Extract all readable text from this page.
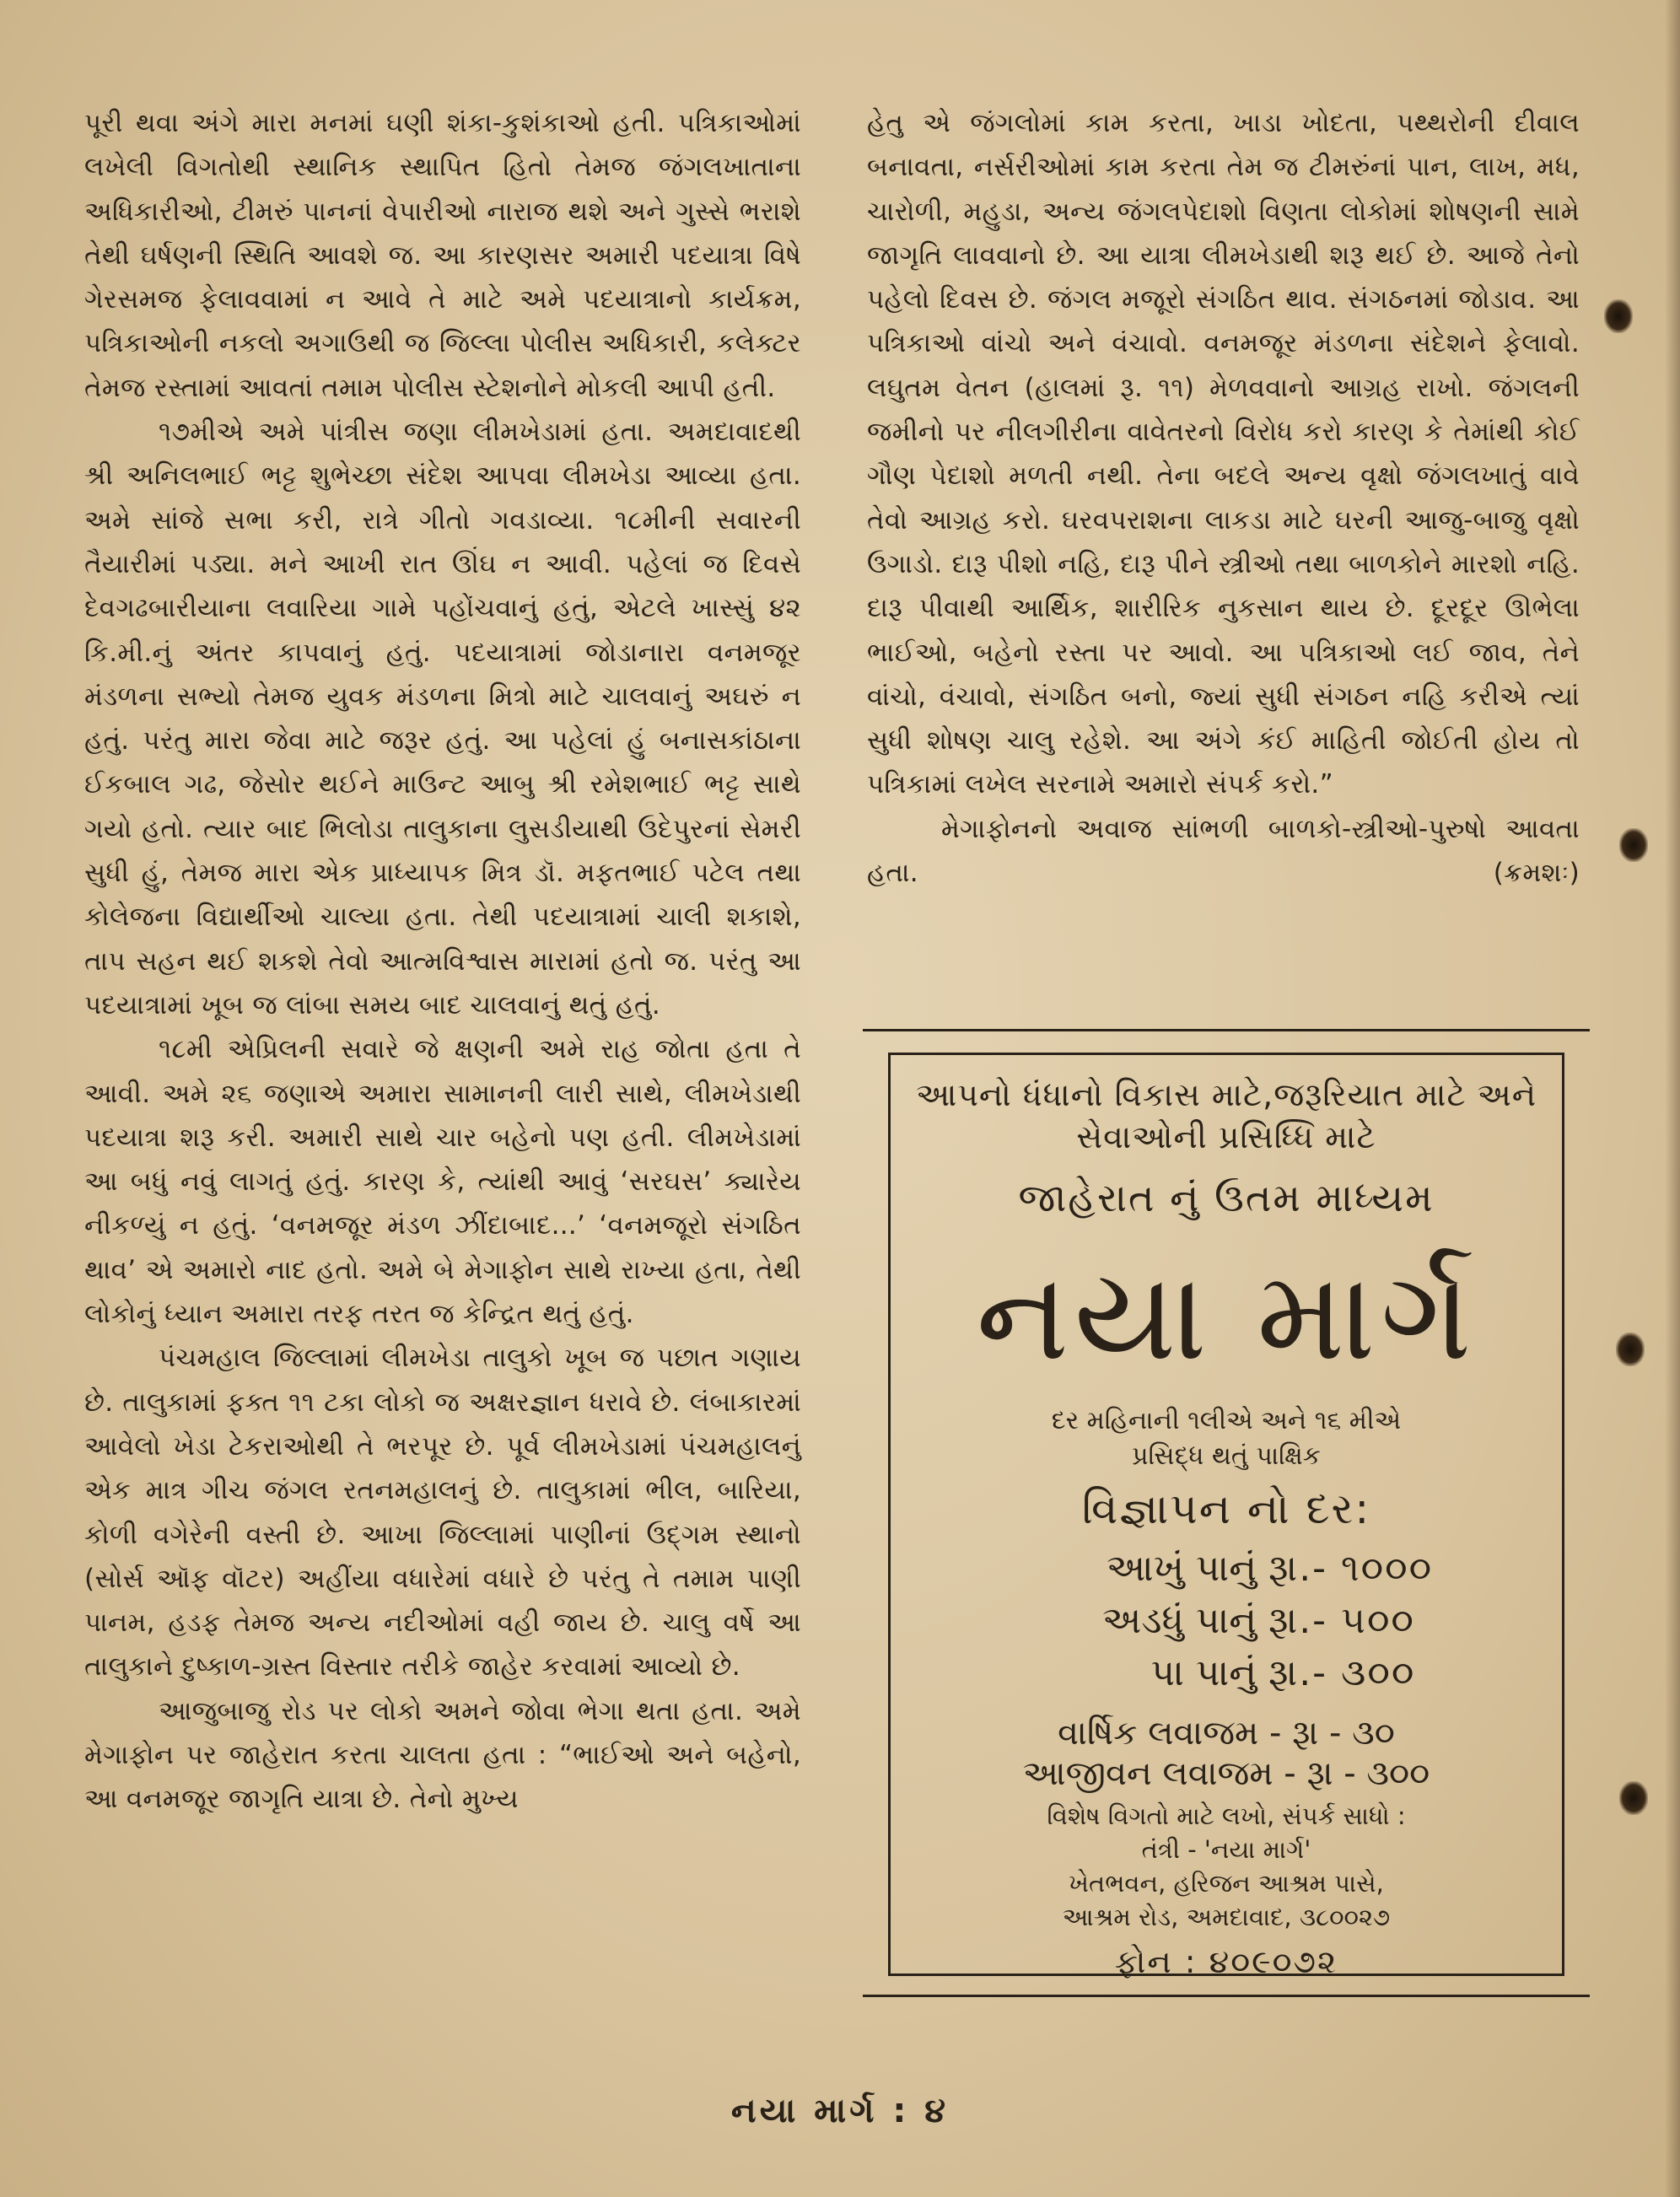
પૂરી થવા અંગે મારા મનમાં ઘણી શંકા-કુશંકાઓ હતી. પત્રિકાઓમાં લખેલી વિગતોથી સ્થાનિક સ્થાપિત હિતો તેમજ જંગલખાતાના અધિકારીઓ, ટીમરું પાનનાં વેપારીઓ નારાજ થશે અને ગુસ્સે ભરાશે તેથી ઘર્ષણની સ્થિતિ આવશે જ. આ કારણસર અમારી પદયાત્રા વિષે ગેરસમજ ફેલાવવામાં ન આવે તે માટે અમે પદયાત્રાનો કાર્યક્રમ, પત્રિકાઓની નકલો અગાઉથી જ જિલ્લા પોલીસ અધિકારી, કલેક્ટર તેમજ રસ્તામાં આવતાં તમામ પોલીસ સ્ટેશનોને મોકલી આપી હતી.

૧૭મીએ અમે પાંત્રીસ જણા લીમખેડામાં હતા. અમદાવાદથી શ્રી અનિલભાઈ ભટ્ટ શુભેચ્છા સંદેશ આપવા લીમખેડા આવ્યા હતા. અમે સાંજે સભા કરી, રાત્રે ગીતો ગવડાવ્યા. ૧૮મીની સવારની તૈયારીમાં પડ્યા. મને આખી રાત ઊંઘ ન આવી. પહેલાં જ દિવસે દેવગઢબારીયાના લવારિયા ગામે પહોંચવાનું હતું, એટલે ખાસ્સું ૪૨ કિ.મી.નું અંતર કાપવાનું હતું. પદયાત્રામાં જોડાનારા વનમજૂર મંડળના સભ્યો તેમજ યુવક મંડળના મિત્રો માટે ચાલવાનું અઘરું ન હતું. પરંતુ મારા જેવા માટે જરૂર હતું. આ પહેલાં હું બનાસકાંઠાના ઈકબાલ ગઢ, જેસોર થઈને માઉન્ટ આબુ શ્રી રમેશભાઈ ભટ્ટ સાથે ગયો હતો. ત્યાર બાદ ભિલોડા તાલુકાના લુસડીયાથી ઉદેપુરનાં સેમરી સુધી હું, તેમજ મારા એક પ્રાધ્યાપક મિત્ર ડૉ. મફતભાઈ પટેલ તથા કોલેજના વિદ્યાર્થીઓ ચાલ્યા હતા. તેથી પદયાત્રામાં ચાલી શકાશે, તાપ સહન થઈ શકશે તેવો આત્મવિશ્વાસ મારામાં હતો જ. પરંતુ આ પદયાત્રામાં ખૂબ જ લાંબા સમય બાદ ચાલવાનું થતું હતું.

૧૮મી એપ્રિલની સવારે જે ક્ષણની અમે રાહ જોતા હતા તે આવી. અમે ૨૬ જણાએ અમારા સામાનની લારી સાથે, લીમખેડાથી પદયાત્રા શરૂ કરી. અમારી સાથે ચાર બહેનો પણ હતી. લીમખેડામાં આ બધું નવું લાગતું હતું. કારણ કે, ત્યાંથી આવું ‘સરઘસ’ ક્યારેય નીકળ્યું ન હતું. ‘વનમજૂર મંડળ ઝીંદાબાદ...’ ‘વનમજૂરો સંગઠિત થાવ’ એ અમારો નાદ હતો. અમે બે મેગાફોન સાથે રાખ્યા હતા, તેથી લોકોનું ધ્યાન અમારા તરફ તરત જ કેન્દ્રિત થતું હતું.

પંચમહાલ જિલ્લામાં લીમખેડા તાલુકો ખૂબ જ પછાત ગણાય છે. તાલુકામાં ફક્ત ૧૧ ટકા લોકો જ અક્ષરજ્ઞાન ધરાવે છે. લંબાકારમાં આવેલો ખેડા ટેકરાઓથી તે ભરપૂર છે. પૂર્વ લીમખેડામાં પંચમહાલનું એક માત્ર ગીચ જંગલ રતનમહાલનું છે. તાલુકામાં ભીલ, બારિયા, કોળી વગેરેની વસ્તી છે. આખા જિલ્લામાં પાણીનાં ઉદ્ગમ સ્થાનો (સોર્સ ઑફ વૉટર) અહીંયા વધારેમાં વધારે છે પરંતુ તે તમામ પાણી પાનમ, હડફ તેમજ અન્ય નદીઓમાં વહી જાય છે. ચાલુ વર્ષે આ તાલુકાને દુષ્કાળ-ગ્રસ્ત વિસ્તાર તરીકે જાહેર કરવામાં આવ્યો છે.

આજુબાજુ રોડ પર લોકો અમને જોવા ભેગા થતા હતા. અમે મેગાફોન પર જાહેરાત કરતા ચાલતા હતા : “ભાઈઓ અને બહેનો, આ વનમજૂર જાગૃતિ યાત્રા છે. તેનો મુખ્ય

હેતુ એ જંગલોમાં કામ કરતા, ખાડા ખોદતા, પથ્થરોની દીવાલ બનાવતા, નર્સરીઓમાં કામ કરતા તેમ જ ટીમરુંનાં પાન, લાખ, મધ, ચારોળી, મહુડા, અન્ય જંગલપેદાશો વિણતા લોકોમાં શોષણની સામે જાગૃતિ લાવવાનો છે. આ યાત્રા લીમખેડાથી શરૂ થઈ છે. આજે તેનો પહેલો દિવસ છે. જંગલ મજૂરો સંગઠિત થાવ. સંગઠનમાં જોડાવ. આ પત્રિકાઓ વાંચો અને વંચાવો. વનમજૂર મંડળના સંદેશને ફેલાવો. લઘુતમ વેતન (હાલમાં રૂ. ૧૧) મેળવવાનો આગ્રહ રાખો. જંગલની જમીનો પર નીલગીરીના વાવેતરનો વિરોધ કરો કારણ કે તેમાંથી કોઈ ગૌણ પેદાશો મળતી નથી. તેના બદલે અન્ય વૃક્ષો જંગલખાતું વાવે તેવો આગ્રહ કરો. ઘરવપરાશના લાકડા માટે ઘરની આજુ-બાજુ વૃક્ષો ઉગાડો. દારૂ પીશો નહિ, દારૂ પીને સ્ત્રીઓ તથા બાળકોને મારશો નહિ. દારૂ પીવાથી આર્થિક, શારીરિક નુકસાન થાય છે. દૂરદૂર ઊભેલા ભાઈઓ, બહેનો રસ્તા પર આવો. આ પત્રિકાઓ લઈ જાવ, તેને વાંચો, વંચાવો, સંગઠિત બનો, જ્યાં સુધી સંગઠન નહિ કરીએ ત્યાં સુધી શોષણ ચાલુ રહેશે. આ અંગે કંઈ માહિતી જોઈતી હોય તો પત્રિકામાં લખેલ સરનામે અમારો સંપર્ક કરો.”

મેગાફોનનો અવાજ સાંભળી બાળકો-સ્ત્રીઓ-પુરુષો આવતા હતા.	(ક્રમશઃ)

આપનો ધંધાનો વિકાસ માટે,જરૂરિયાત માટે અને
સેવાઓની પ્રસિધ્ધિ માટે
જાહેરાત નું ઉતમ માધ્યમ
નયા માર્ગ
દર મહિનાની ૧લીએ અને ૧૬ મીએ
પ્રસિદ્ધ થતું પાક્ષિક
વિજ્ઞાપન નો દર:
આખું પાનું રૂા.- ૧૦૦૦
અડધું પાનું રૂા.- ૫૦૦
પા પાનું રૂા.- ૩૦૦
વાર્ષિક લવાજમ - રૂા - ૩૦
આજીવન લવાજમ - રૂા - ૩૦૦
વિશેષ વિગતો માટે લખો, સંપર્ક સાધો :
તંત્રી - 'નયા માર્ગ'
ખેતભવન, હરિજન આશ્રમ પાસે,
આશ્રમ રોડ, અમદાવાદ, ૩૮૦૦૨૭
ફોન : ૪૦૯૦૭૨
નયા માર્ગ : ૪
